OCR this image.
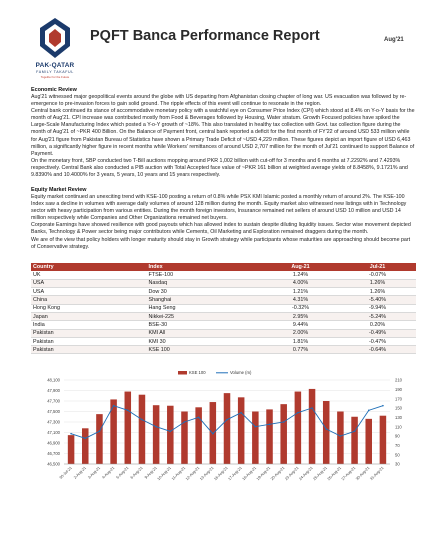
PAK-QATAR
FAMILY TAKAFUL
Together for the Future
PQFT Banca Performance Report	Aug'21
Economic Review

Aug'21 witnessed major geopolitical events around the globe with US departing from Afghanistan closing chapter of long war. US evacuation was followed by re-emergence to pre-invasion forces to gain solid ground. The ripple effects of this event will continue to resonate in the region.

Central bank continued its stance of accommodative monetary policy with a watchful eye on Consumer Price Index (CPI) which stood at 8.4% on Y-o-Y basis for the month of Aug'21. CPI increase was contributed mostly from Food & Beverages followed by Housing, Water stratum. Growth Focused policies have spiked the Large-Scale Manufacturing Index which posted a Y-o-Y growth of ~18%. This also translated in healthy tax collection with Govt. tax collection figure during the month of Aug'21 of ~PKR 400 Billion. On the Balance of Payment front, central bank reported a deficit for the first month of FY'22 of around USD 533 million while for Aug'21 figure from Pakistan Bureau of Statistics have shown a Primary Trade Deficit of ~USD 4,229 million. These figures depict an import figure of USD 6,463 million, a significantly higher figure in recent months while Workers' remittances of around USD 2,707 million for the month of Jul'21 continued to support Balance of Payment.

On the monetary front, SBP conducted two T-Bill auctions mopping around PKR 1,002 billion with cut-off for 3 months and 6 months at 7.2292% and 7.4293% respectively. Central Bank also conducted a PIB auction with Total Accepted face value of ~PKR 161 billion at weighted average yields of 8.8458%, 9.1721% and 9.8390% and 10.4000% for 3 years, 5 years, 10 years and 15 years respectively.

Equity Market Review

Equity market continued an unexciting trend with KSE-100 posting a return of 0.8% while PSX KMI Islamic posted a monthly return of around 2%. The KSE-100 Index saw a decline in volumes with average daily volumes of around 128 million during the month. Equity market also witnessed new listings with in Technology sector with heavy participation from various entities. During the month foreign investors, Insurance remained net sellers of around USD 10 million and USD 14 million respectively while Companies and Other Organizations remained net buyers.

Corporate Earnings have showed resilience with good payouts which has allowed index to sustain despite diluting liquidity issues. Sector wise movement depicted Banks, Technology & Power sector being major contributors while Cements, Oil Marketing and Exploration remained draggers during the month.

We are of the view that policy holders with longer maturity should stay in Growth strategy while participants whose maturities are approaching should become part of Conservative strategy.

Country	Index	Aug-21	Jul-21
UK	FTSE-100	1.24%	-0.07%
USA	Nasdaq	4.00%	1.26%
USA	Dow 30	1.21%	1.26%
China	Shanghai	4.31%	-5.40%
Hong Kong	Hang Seng	-0.32%	-9.94%
Japan	Nikkei-225	2.95%	-5.24%
India	BSE-30	9.44%	0.20%
Pakistan	KMI All	2.00%	-0.49%
Pakistan	KMI 30	1.81%	-0.47%
Pakistan	KSE 100	0.77%	-0.64%
46,500
46,700
46,900
47,100
47,300
47,500
47,700
47,900
48,100
30
50
70
90
110
130
150
170
190
210
30-Jul-21 2-Aug-21 3-Aug-21 4-Aug-21 5-Aug-21 6-Aug-21 9-Aug-21
10-Aug-21 11-Aug-21
12-Aug-21
13-Aug-21
16-Aug-21
17-Aug-21
18-Aug-21
19-Aug-21
20-Aug-21
23-Aug-21
24-Aug-21
25-Aug-21
26-Aug-21
27-Aug-21
30-Aug-21
31-Aug-21
KSE 100	Volume (m)
